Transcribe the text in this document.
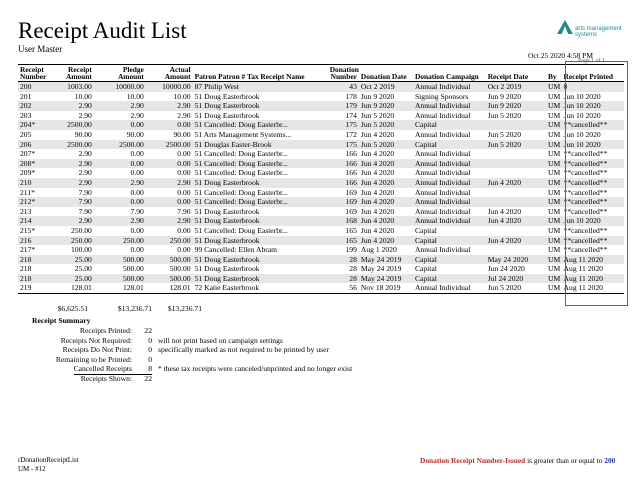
Receipt Audit List
User Master
arts management systems
Oct 25 2020 4:58 PM
Page 1 of 1
Receipt Number	Receipt Amount	Pledge Amount	Actual Amount	Patron Patron # Tax Receipt Name	Donation Number	Donation Date	Donation Campaign	Receipt Date	By	Receipt Printed
200	1003.00	10000.00	10000.00	87 Philip West	43	Oct 2 2019	Annual Individual	Oct 2 2019	UM	0
201	10.00	10.00	10.00	51 Doug Easterbrook	178	Jun 9 2020	Signing Sponsors	Jun 9 2020	UM	Jun 10 2020
202	2.90	2.90	2.90	51 Doug Easterbrook	179	Jun 9 2020	Annual Individual	Jun 9 2020	UM	Jun 10 2020
203	2.90	2.90	2.90	51 Doug Easterbrook	174	Jun 5 2020	Annual Individual	Jun 5 2020	UM	Jun 10 2020
204*	2500.00	0.00	0.00	51 Cancelled: Doug Easterbr...	175	Jun 5 2020	Capital		UM	**cancelled**
205	90.00	90.00	90.00	51 Arts Management Systems...	172	Jun 4 2020	Annual Individual	Jun 5 2020	UM	Jun 10 2020
206	2500.00	2500.00	2500.00	51 Douglas Easter-Brook	175	Jun 5 2020	Capital	Jun 5 2020	UM	Jun 10 2020
207*	2.90	0.00	0.00	51 Cancelled: Doug Easterbr...	166	Jun 4 2020	Annual Individual		UM	**cancelled**
208*	2.90	0.00	0.00	51 Cancelled: Doug Easterbr...	166	Jun 4 2020	Annual Individual		UM	**cancelled**
209*	2.90	0.00	0.00	51 Cancelled: Doug Easterbr...	166	Jun 4 2020	Annual Individual		UM	**cancelled**
210	2.90	2.90	2.90	51 Doug Easterbrook	166	Jun 4 2020	Annual Individual	Jun 4 2020	UM	**cancelled**
211*	7.90	0.00	0.00	51 Cancelled: Doug Easterbr...	169	Jun 4 2020	Annual Individual		UM	**cancelled**
212*	7.90	0.00	0.00	51 Cancelled: Doug Easterbr...	169	Jun 4 2020	Annual Individual		UM	**cancelled**
213	7.90	7.90	7.90	51 Doug Easterbrook	169	Jun 4 2020	Annual Individual	Jun 4 2020	UM	**cancelled**
214	2.90	2.90	2.90	51 Doug Easterbrook	168	Jun 4 2020	Annual Individual	Jun 4 2020	UM	Jun 10 2020
215*	250.00	0.00	0.00	51 Cancelled: Doug Easterbr...	165	Jun 4 2020	Capital		UM	**cancelled**
216	250.00	250.00	250.00	51 Doug Easterbrook	165	Jun 4 2020	Capital	Jun 4 2020	UM	**cancelled**
217*	100.00	0.00	0.00	99 Cancelled: Ellen Abram	199	Aug 1 2020	Annual Individual		UM	**cancelled**
218	25.00	500.00	500.00	51 Doug Easterbrook	28	May 24 2019	Capital	May 24 2020	UM	Aug 11 2020
218	25.00	500.00	500.00	51 Doug Easterbrook	28	May 24 2019	Capital	Jun 24 2020	UM	Aug 11 2020
218	25.00	500.00	500.00	51 Doug Easterbrook	28	May 24 2019	Capital	Jul 24 2020	UM	Aug 11 2020
219	128.01	128.01	128.01	72 Katie Easterbrook	56	Nov 18 2019	Annual Individual	Jun 5 2020	UM	Aug 11 2020
$6,625.51	$13,236.71	$13,236.71
Receipt Summary
Receipts Printed:	22
Receipts Not Required:	0 will not print based on campaign settings
Receipts Do Not Print:	0 specifically marked as not required to be printed by user
Remaining to be Printed:	0
Cancelled Receipts	8 * these tax receipts were canceled/unprinted and no longer exist
Receipts Shown:	22
rDonationReceiptList
UM - #12
Donation Receipt Number-Issued is greater than or equal to 200
